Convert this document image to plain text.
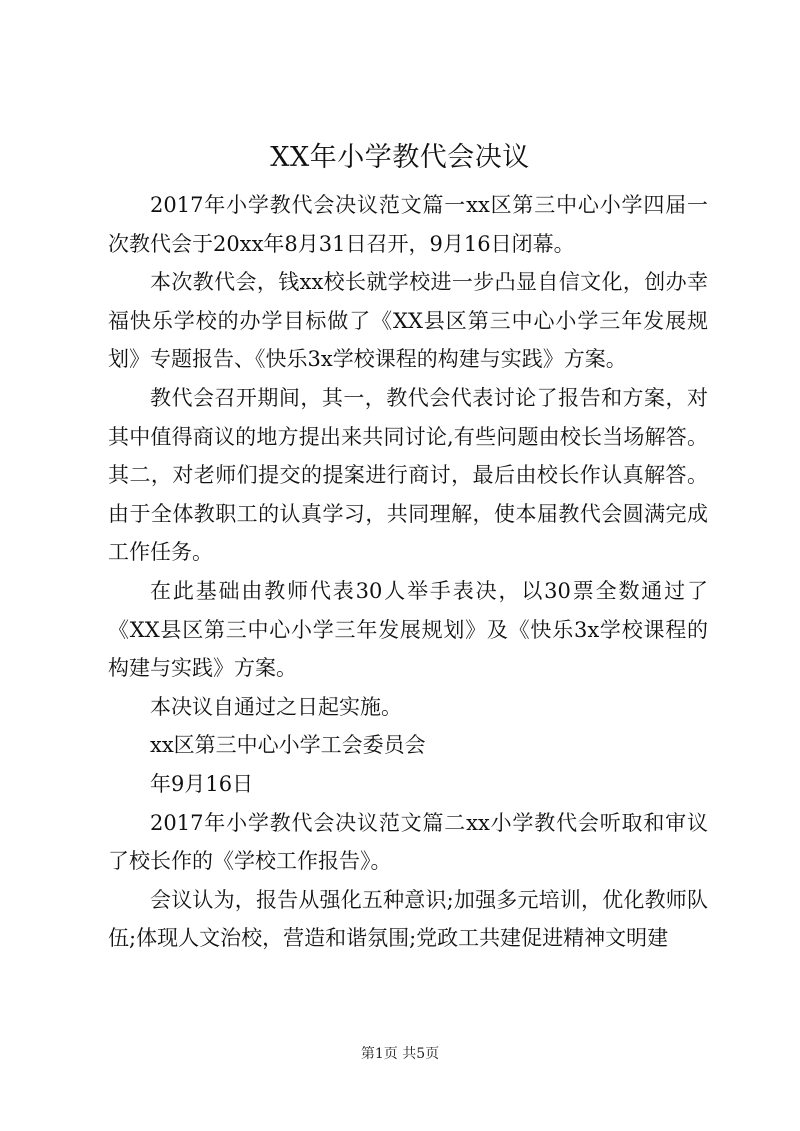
XX年小学教代会决议

2017年小学教代会决议范文篇一xx区第三中心小学四届一次教代会于20xx年8月31日召开，9月16日闭幕。

本次教代会，钱xx校长就学校进一步凸显自信文化，创办幸福快乐学校的办学目标做了《XX县区第三中心小学三年发展规划》专题报告、《快乐3x学校课程的构建与实践》方案。

教代会召开期间，其一，教代会代表讨论了报告和方案，对其中值得商议的地方提出来共同讨论,有些问题由校长当场解答。其二，对老师们提交的提案进行商讨，最后由校长作认真解答。由于全体教职工的认真学习，共同理解，使本届教代会圆满完成工作任务。

在此基础由教师代表30人举手表决，以30票全数通过了《XX县区第三中心小学三年发展规划》及《快乐3x学校课程的构建与实践》方案。

本决议自通过之日起实施。

xx区第三中心小学工会委员会

年9月16日

2017年小学教代会决议范文篇二xx小学教代会听取和审议了校长作的《学校工作报告》。

会议认为，报告从强化五种意识;加强多元培训，优化教师队伍;体现人文治校，营造和谐氛围;党政工共建促进精神文明建

第1页 共5页
